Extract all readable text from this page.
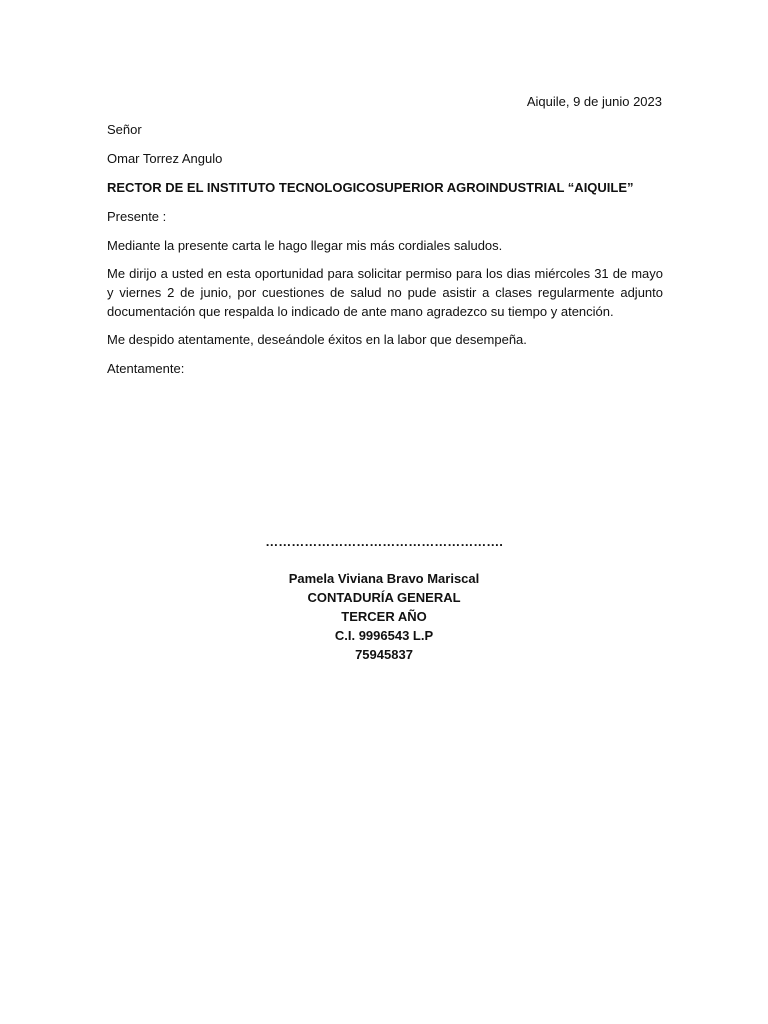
Aiquile, 9 de junio 2023
Señor
Omar Torrez Angulo
RECTOR DE EL INSTITUTO TECNOLOGICOSUPERIOR AGROINDUSTRIAL “AIQUILE”
Presente :
Mediante la presente carta le hago llegar mis más cordiales saludos.
Me dirijo a usted en esta oportunidad para solicitar permiso para los dias miércoles 31 de mayo y viernes 2 de junio, por cuestiones de salud no pude asistir a clases regularmente adjunto documentación que respalda lo indicado de ante mano agradezco su tiempo y atención.
Me despido atentamente, deseándole éxitos en la labor que desempeña.
Atentamente:
……………………………………………….
Pamela Viviana Bravo Mariscal
CONTADURÍA GENERAL
TERCER AÑO
C.I. 9996543 L.P
75945837
